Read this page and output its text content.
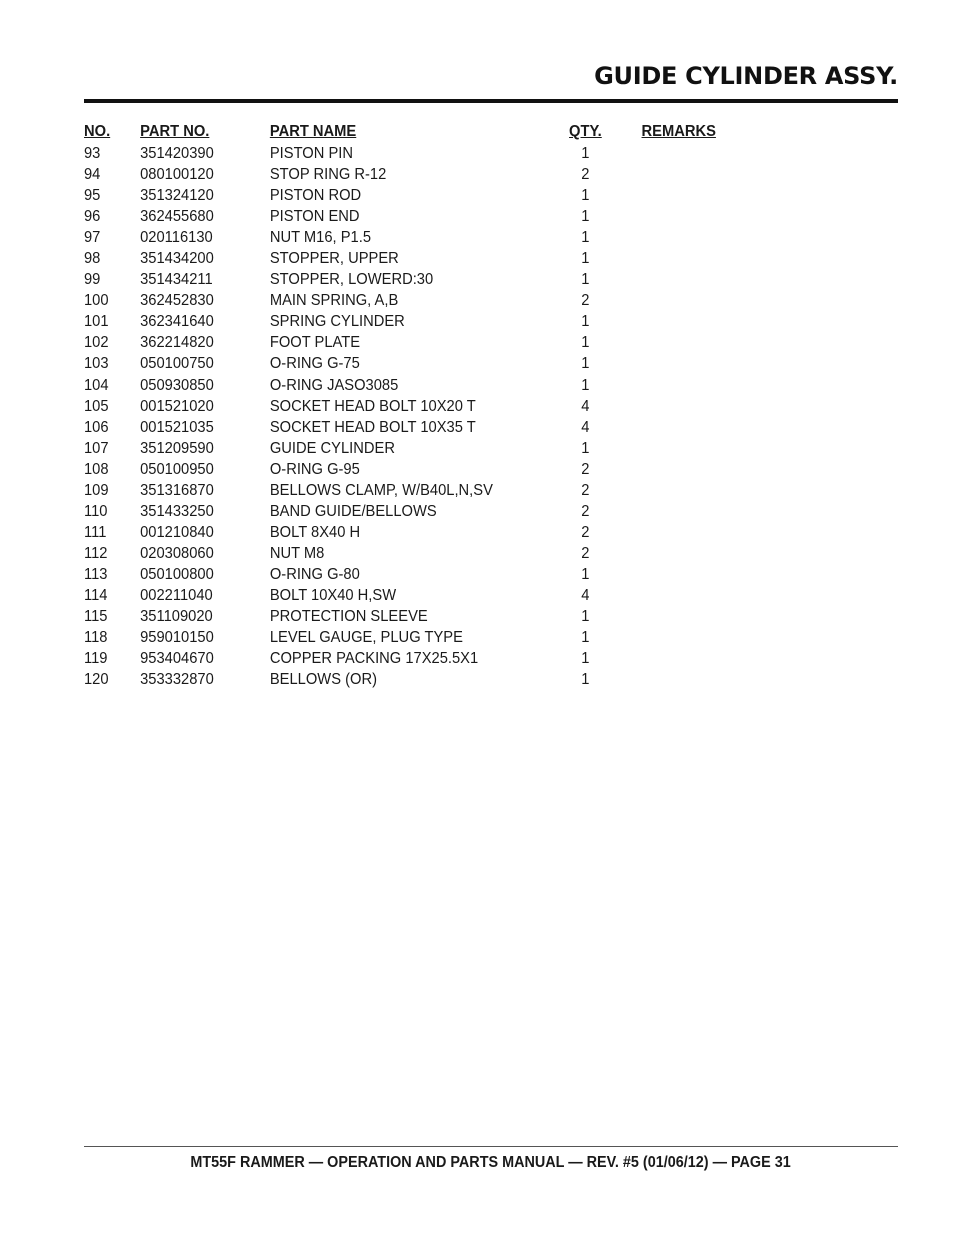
GUIDE CYLINDER ASSY.
NO. PART NO.	PART NAME	QTY.	REMARKS
93 351420390	PISTON PIN	1
94 080100120	STOP RING R-12	2
95 351324120	PISTON ROD	1
96 362455680	PISTON END	1
97 020116130	NUT M16, P1.5	1
98 351434200	STOPPER, UPPER	1
99 351434211	STOPPER, LOWERD:30	1
100 362452830	MAIN SPRING, A,B	2
101 362341640	SPRING CYLINDER	1
102 362214820	FOOT PLATE	1
103 050100750	O-RING G-75	1
104 050930850	O-RING JASO3085	1
105 001521020	SOCKET HEAD BOLT 10X20 T	4
106 001521035	SOCKET HEAD BOLT 10X35 T	4
107 351209590	GUIDE CYLINDER	1
108 050100950	O-RING G-95	2
109 351316870	BELLOWS CLAMP, W/B40L,N,SV	2
110 351433250	BAND GUIDE/BELLOWS	2
111 001210840	BOLT 8X40 H	2
112 020308060	NUT M8	2
113 050100800	O-RING G-80	1
114 002211040	BOLT 10X40 H,SW	4
115 351109020	PROTECTION SLEEVE	1
118 959010150	LEVEL GAUGE, PLUG TYPE	1
119 953404670	COPPER PACKING 17X25.5X1	1
120 353332870	BELLOWS (OR)	1
MT55F RAMMER — OPERATION AND PARTS MANUAL — REV. #5 (01/06/12) — PAGE 31
